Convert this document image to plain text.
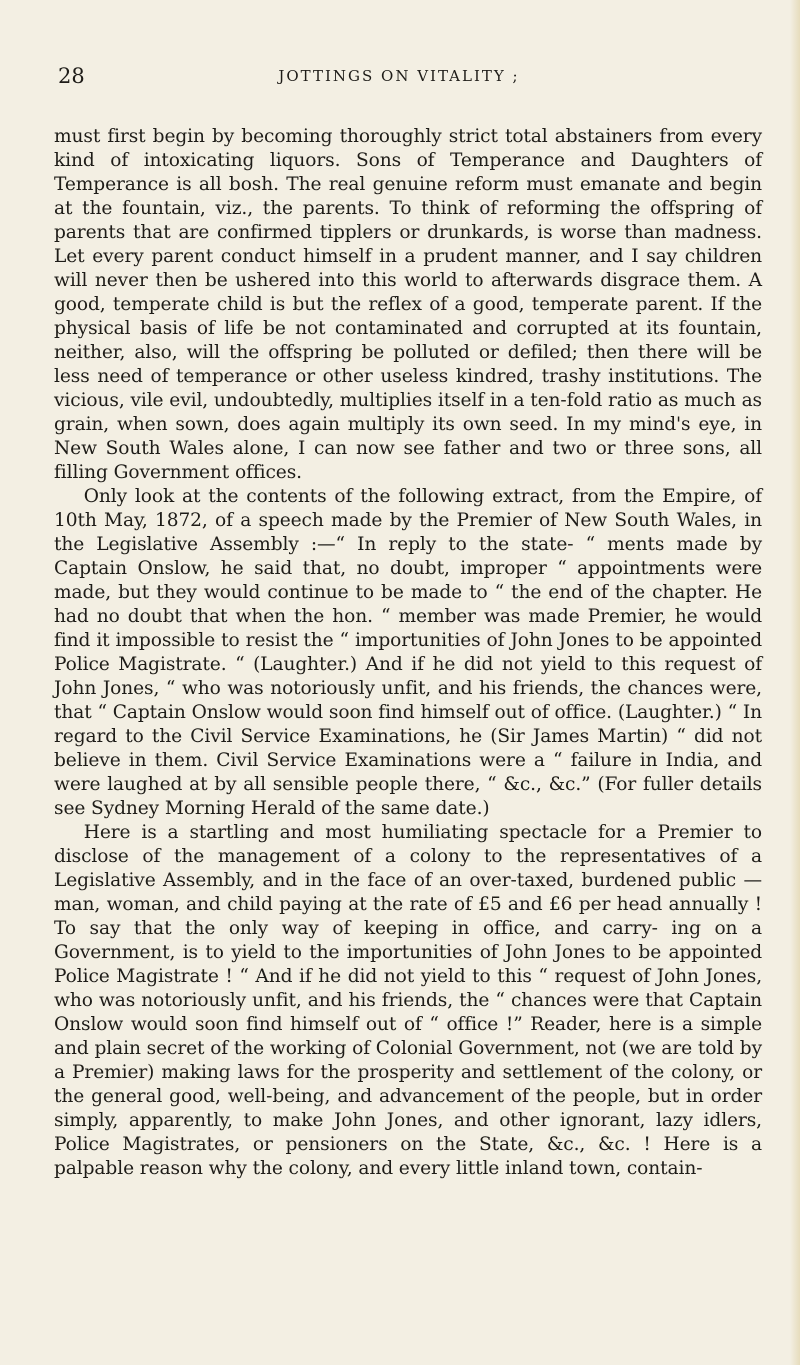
28	JOTTINGS ON VITALITY ;

must first begin by becoming thoroughly strict total abstainers from every kind of intoxicating liquors. Sons of Temperance and Daughters of Temperance is all bosh. The real genuine reform must emanate and begin at the fountain, viz., the parents. To think of reforming the offspring of parents that are confirmed tipplers or drunkards, is worse than madness. Let every parent conduct himself in a prudent manner, and I say children will never then be ushered into this world to afterwards disgrace them. A good, temperate child is but the reflex of a good, temperate parent. If the physical basis of life be not contaminated and corrupted at its fountain, neither, also, will the offspring be polluted or defiled; then there will be less need of temperance or other useless kindred, trashy institutions. The vicious, vile evil, undoubtedly, multiplies itself in a ten-fold ratio as much as grain, when sown, does again multiply its own seed. In my mind's eye, in New South Wales alone, I can now see father and two or three sons, all filling Government offices.

Only look at the contents of the following extract, from the Empire, of 10th May, 1872, of a speech made by the Premier of New South Wales, in the Legislative Assembly :—“ In reply to the state- “ ments made by Captain Onslow, he said that, no doubt, improper “ appointments were made, but they would continue to be made to “ the end of the chapter. He had no doubt that when the hon. “ member was made Premier, he would find it impossible to resist the “ importunities of John Jones to be appointed Police Magistrate. “ (Laughter.) And if he did not yield to this request of John Jones, “ who was notoriously unfit, and his friends, the chances were, that “ Captain Onslow would soon find himself out of office. (Laughter.) “ In regard to the Civil Service Examinations, he (Sir James Martin) “ did not believe in them. Civil Service Examinations were a “ failure in India, and were laughed at by all sensible people there, “ &c., &c.” (For fuller details see Sydney Morning Herald of the same date.)

Here is a startling and most humiliating spectacle for a Premier to disclose of the management of a colony to the representatives of a Legislative Assembly, and in the face of an over-taxed, burdened public —man, woman, and child paying at the rate of £5 and £6 per head annually ! To say that the only way of keeping in office, and carry- ing on a Government, is to yield to the importunities of John Jones to be appointed Police Magistrate ! “ And if he did not yield to this “ request of John Jones, who was notoriously unfit, and his friends, the “ chances were that Captain Onslow would soon find himself out of “ office !” Reader, here is a simple and plain secret of the working of Colonial Government, not (we are told by a Premier) making laws for the prosperity and settlement of the colony, or the general good, well-being, and advancement of the people, but in order simply, apparently, to make John Jones, and other ignorant, lazy idlers, Police Magistrates, or pensioners on the State, &c., &c. ! Here is a palpable reason why the colony, and every little inland town, contain-
